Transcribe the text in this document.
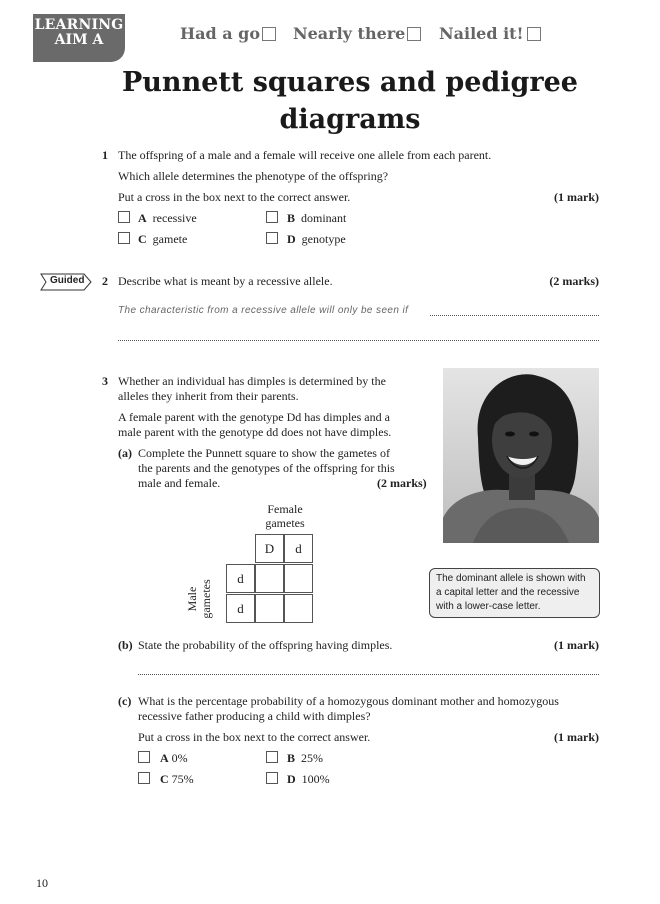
LEARNING
AIM A	Had a go Nearly there Nailed it!
Punnett squares and pedigree
diagrams
1 The offspring of a male and a female will receive one allele from each parent.
Which allele determines the phenotype of the offspring?
Put a cross in the box next to the correct answer.	(1 mark)
A recessive	B dominant
C gamete	D genotype
Guided 2 Describe what is meant by a recessive allele.	(2 marks)
The characteristic from a recessive allele will only be seen if
3 Whether an individual has dimples is determined by the
alleles they inherit from their parents.
A female parent with the genotype Dd has dimples and a
male parent with the genotype dd does not have dimples.
(a) Complete the Punnett square to show the gametes of
the parents and the genotypes of the offspring for this
male and female.	(2 marks)
Female
gametes
Male gametes
D	d
d
d
The dominant allele is shown with
a capital letter and the recessive
with a lower-case letter.
(b) State the probability of the offspring having dimples.	(1 mark)
(c) What is the percentage probability of a homozygous dominant mother and homozygous
recessive father producing a child with dimples?
Put a cross in the box next to the correct answer.	(1 mark)
A 0%	B 25%
C 75%	D 100%
10
